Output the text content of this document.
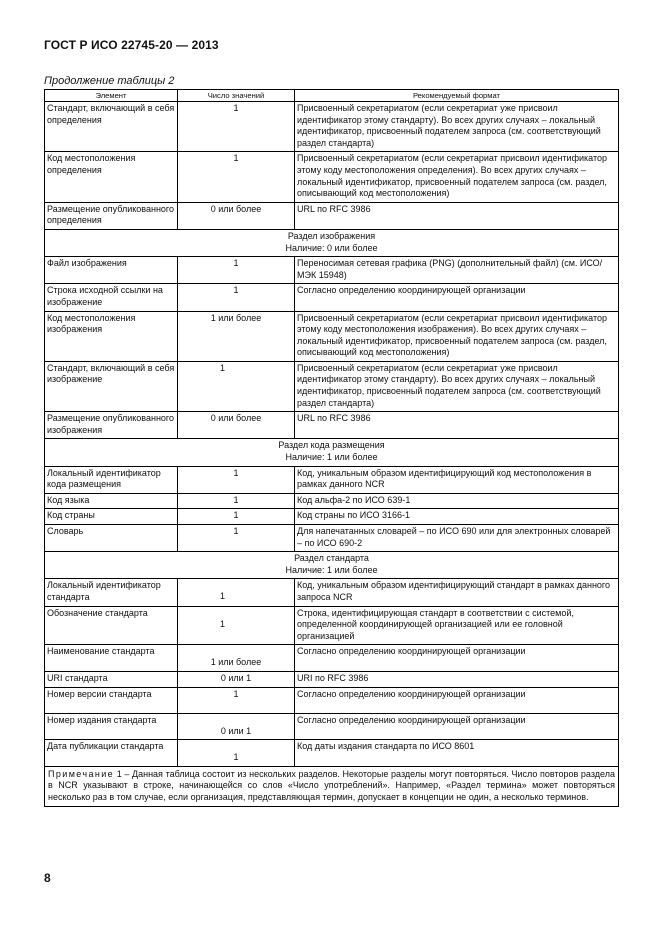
ГОСТ Р ИСО 22745-20 — 2013
Продолжение таблицы 2
Элемент	Число значений	Рекомендуемый формат
Стандарт, включающий в себя определения	1	Присвоенный секретариатом (если секретариат уже присвоил идентификатор этому стандарту). Во всех других случаях – локальный идентификатор, присвоенный подателем запроса (см. соответствующий раздел стандарта)
Код местоположения определения	1	Присвоенный секретариатом (если секретариат присвоил идентификатор этому коду местоположения определения). Во всех других случаях – локальный идентификатор, присвоенный подателем запроса (см. раздел, описывающий код местоположения)
Размещение опубликованного определения	0 или более	URL по RFC 3986

Раздел изображения
Наличие: 0 или более		

Файл изображения	1	Переносимая сетевая графика (PNG) (дополнительный файл) (см. ИСО/МЭК 15948)
Строка исходной ссылки на изображение	1	Согласно определению координирующей организации
Код местоположения изображения	1 или более	Присвоенный секретариатом (если секретариат присвоил идентификатор этому коду местоположения изображения). Во всех других случаях – локальный идентификатор, присвоенный подателем запроса (см. раздел, описывающий код местоположения)
Стандарт, включающий в себя изображение	1	Присвоенный секретариатом (если секретариат уже присвоил идентификатор этому стандарту). Во всех других случаях – локальный идентификатор, присвоенный подателем запроса (см. соответствующий раздел стандарта)
Размещение опубликованного изображения	0 или более	URL по RFC 3986

Раздел кода размещения
Наличие: 1 или более		

Локальный идентификатор кода размещения	1	Код, уникальным образом идентифицирующий код местоположения в рамках данного NCR
Код языка	1	Код альфа-2 по ИСО 639-1
Код страны	1	Код страны по ИСО 3166-1
Словарь	1	Для напечатанных словарей – по ИСО 690 или для электронных словарей – по ИСО 690-2

Раздел стандарта
Наличие: 1 или более		

Локальный идентификатор стандарта	1	Код, уникальным образом идентифицирующий стандарт в рамках данного запроса NCR
Обозначение стандарта	1	Строка, идентифицирующая стандарт в соответствии с системой, определенной координирующей организацией или ее головной организацией
Наименование стандарта	1 или более	Согласно определению координирующей организации
URI стандарта	0 или 1	URI по RFC 3986
Номер версии стандарта	1	Согласно определению координирующей организации
Номер издания стандарта	0 или 1	Согласно определению координирующей организации
Дата публикации стандарта	1	Код даты издания стандарта по ИСО 8601
Примечание 1 – Данная таблица состоит из нескольких разделов. Некоторые разделы могут повторяться. Число повторов раздела в NCR указывают в строке, начинающейся со слов «Число употреблений». Например, «Раздел термина» может повторяться несколько раз в том случае, если организация, представляющая термин, допускает в концепции не один, а несколько терминов.		
8
